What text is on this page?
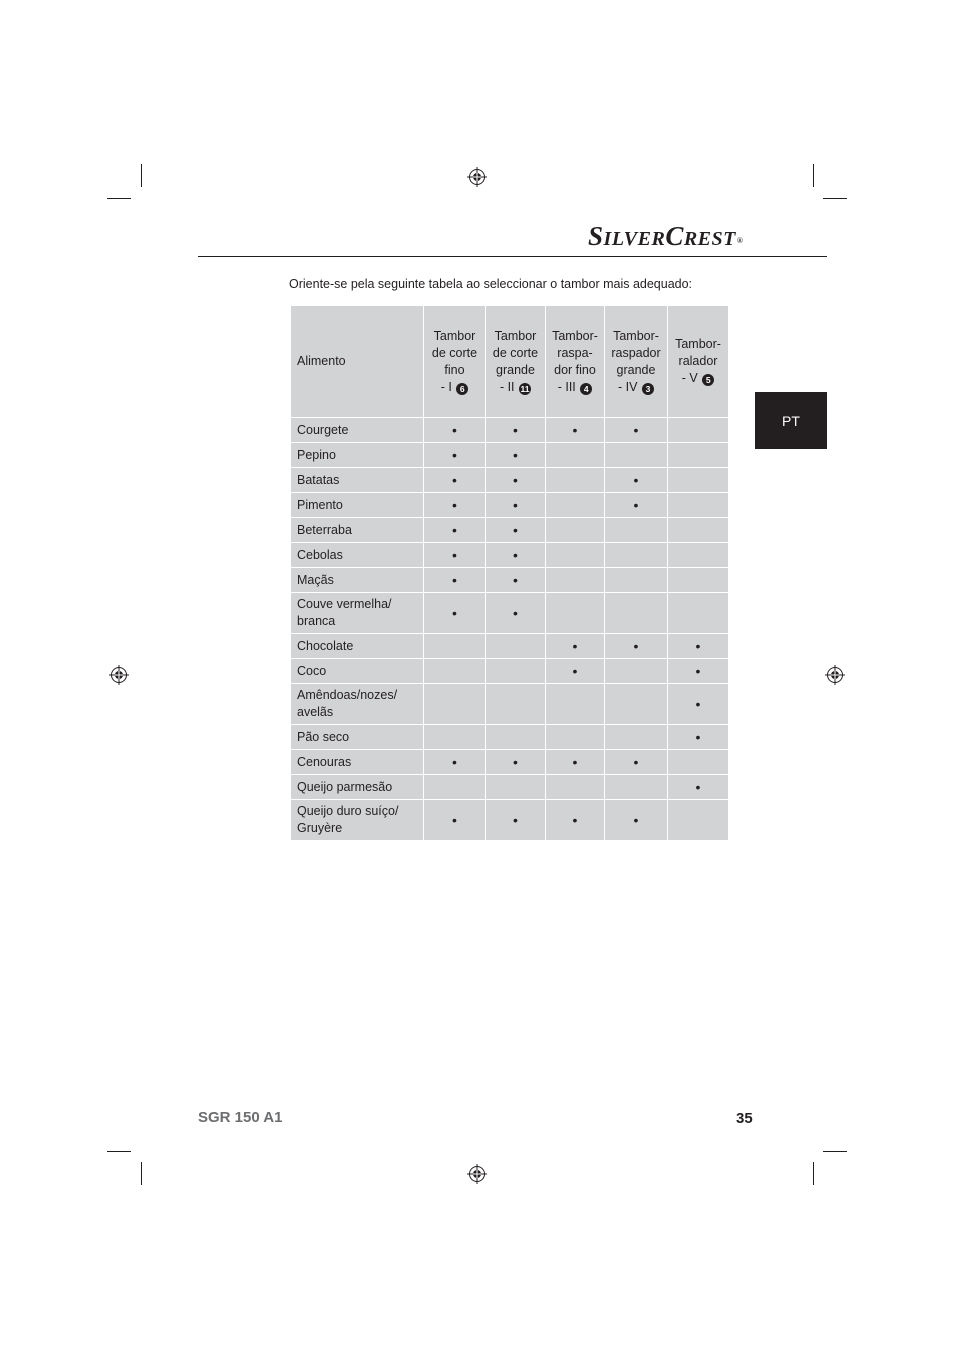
SILVERCREST®
Oriente-se pela seguinte tabela ao seleccionar o tambor mais adequado:
PT
Alimento	Tambor
de corte
fino
- I 6	Tambor
de corte
grande
- II 11	Tambor-
raspa-
dor fino
- III 4	Tambor-
raspador
grande
- IV 3	Tambor-
ralador
- V 5
Courgete	•	•	•	•	
Pepino	•	•			
Batatas	•	•		•	
Pimento	•	•		•	
Beterraba	•	•			
Cebolas	•	•			
Maçãs	•	•			
Couve vermelha/ branca	•	•			
Chocolate			•	•	•
Coco			•		•
Amêndoas/nozes/ avelãs					•
Pão seco					•
Cenouras	•	•	•	•	
Queijo parmesão					•
Queijo duro suíço/ Gruyère	•	•	•	•	
SGR 150 A1	35
